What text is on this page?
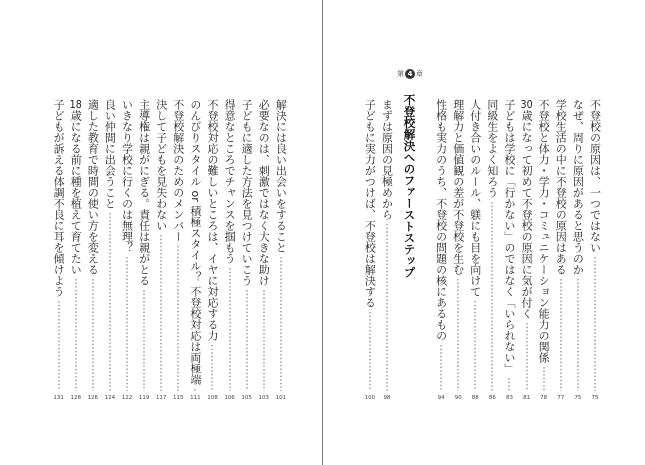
解決には良い出会いをすること
101
必要なのは、刺激ではなく大きな助け
103
子どもに適した方法を見つけていこう
105
得意なところでチャンスを掴もう
106
不登校対応の難しいところは、イヤに対応する力
108
のんびりスタイル or 積極スタイル？ 不登校対応は両極端
111
不登校解決のためのメンバー
115
決して子どもを見失わない
117
主導権は親がにぎる。責任は親がとる
119
いきなり学校に行くのは無理？
122
良い仲間に出会うこと
124
適した教育で時間の使い方を変える
126
18歳になる前に種を植えて育てたい
128
子どもが訴える体調不良に耳を傾けよう
131
不登校の原因は、一つではない
75
なぜ、周りに原因があると思うのか
75
学校生活の中に不登校の原因はある
77
不登校と体力・学力・コミュニケーション能力の関係
78
30歳になって初めて不登校の原因に気が付く
81
子どもは学校に「行かない」のではなく「いられない」
83
同級生をよく知ろう
86
人付き合いのルール、躾にも目を向けて
88
理解力と価値観の差が不登校を生む
90
性格も実力のうち、不登校の問題の核にあるもの
94
第 4 章
不登校解決へのファーストステップ
まずは原因の見極めから
98
子どもに実力がつけば、不登校は解決する
100
